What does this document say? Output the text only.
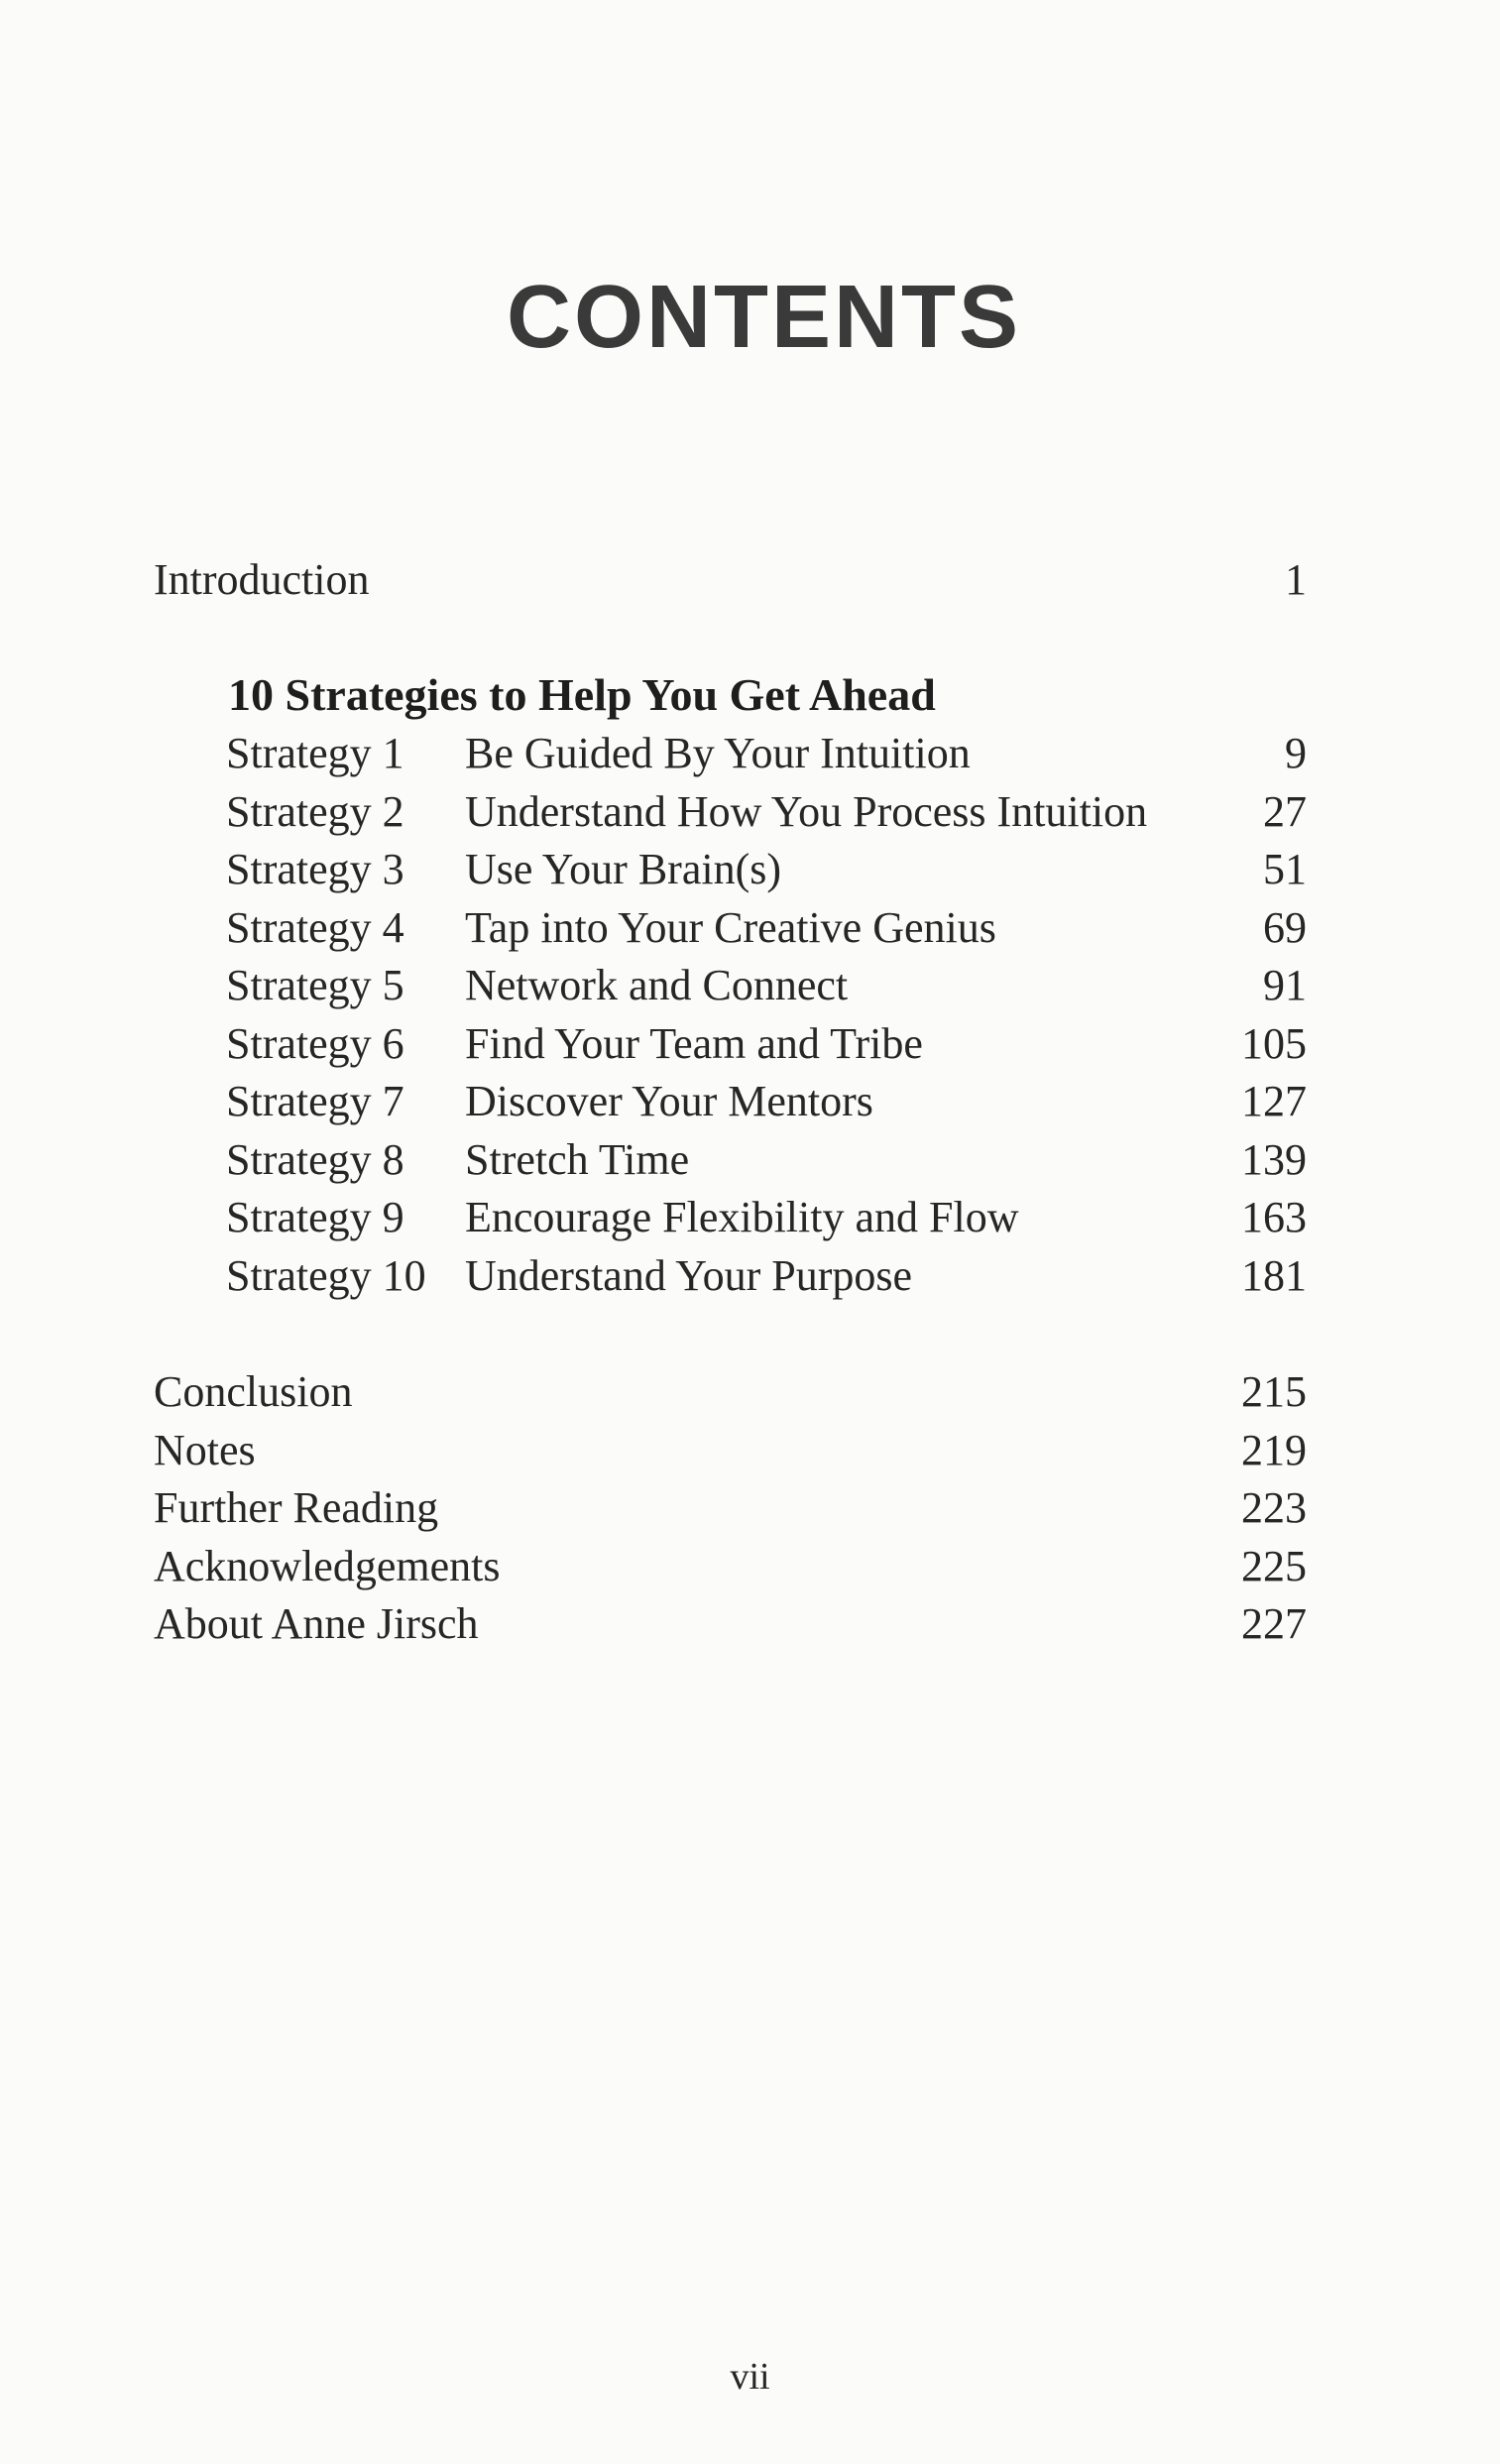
CONTENTS
Introduction	1
10 Strategies to Help You Get Ahead
Strategy 1 Be Guided By Your Intuition	9
Strategy 2 Understand How You Process Intuition	27
Strategy 3 Use Your Brain(s)	51
Strategy 4 Tap into Your Creative Genius	69
Strategy 5 Network and Connect	91
Strategy 6 Find Your Team and Tribe	105
Strategy 7 Discover Your Mentors	127
Strategy 8 Stretch Time	139
Strategy 9 Encourage Flexibility and Flow	163
Strategy 10 Understand Your Purpose	181
Conclusion	215
Notes	219
Further Reading	223
Acknowledgements	225
About Anne Jirsch	227
vii
